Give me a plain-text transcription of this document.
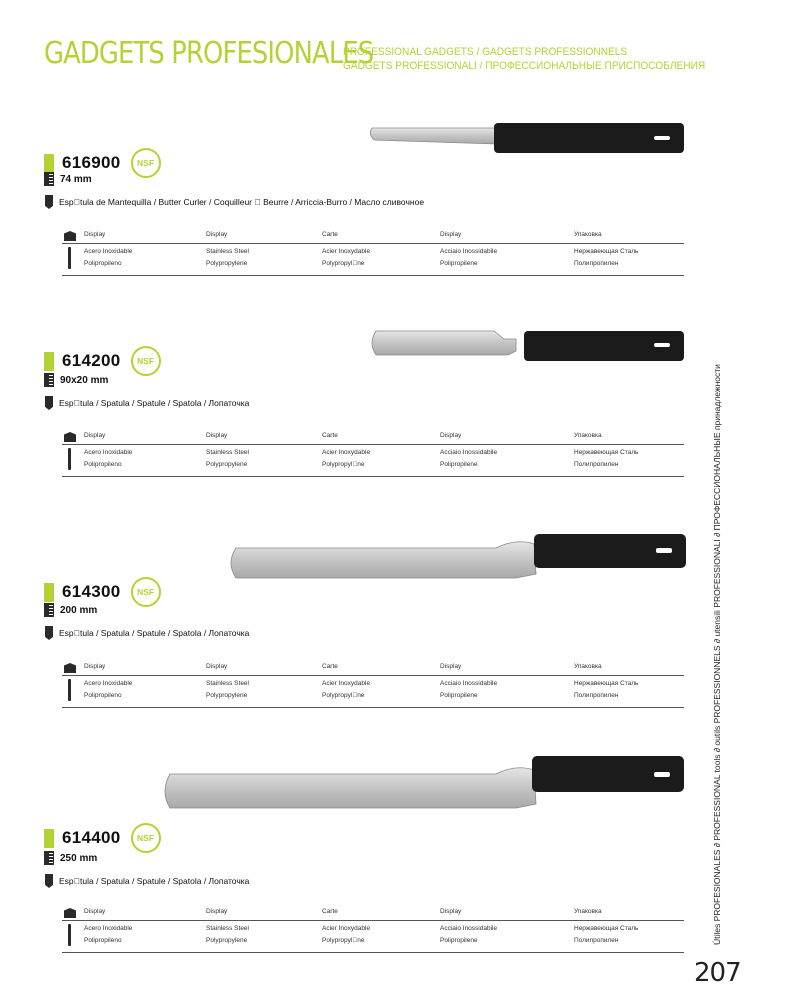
GADGETS PROFESIONALES
PROFESSIONAL GADGETS / GADGETS PROFESSIONNELS
GADGETS PROFESSIONALI / ПРОФЕССИОНАЛЬНЫЕ ПРИСПОСОБЛЕНИЯ
616900	NSF
74 mm
Esp tula de Mantequilla / Butter Curler / Coquilleur   Beurre / Arriccia-Burro / Масло сливочное
Display	Display	Carte	Display	Упаковка
Acero Inoxidable	Stainless Steel	Acier Inoxydable	Acciaio Inossidabile	Нержавеющая Сталь
Polipropileno	Polypropylene	Polypropyl ne	Polipropilene	Полипропилен
614200	NSF
90x20 mm
Esp tula / Spatula / Spatule / Spatola / Лопаточка
Display	Display	Carte	Display	Упаковка
Acero Inoxidable	Stainless Steel	Acier Inoxydable	Acciaio Inossidabile	Нержавеющая Сталь
Polipropileno	Polypropylene	Polypropyl ne	Polipropilene	Полипропилен
614300	NSF
200 mm
Esp tula / Spatula / Spatule / Spatola / Лопаточка
Display	Display	Carte	Display	Упаковка
Acero Inoxidable	Stainless Steel	Acier Inoxydable	Acciaio Inossidabile	Нержавеющая Сталь
Polipropileno	Polypropylene	Polypropyl ne	Polipropilene	Полипропилен
614400	NSF
250 mm
Esp tula / Spatula / Spatule / Spatola / Лопаточка
Display	Display	Carte	Display	Упаковка
Acero Inoxidable	Stainless Steel	Acier Inoxydable	Acciaio Inossidabile	Нержавеющая Сталь
Polipropileno	Polypropylene	Polypropyl ne	Polipropilene	Полипропилен	Útiles PROFESIONALES ∂ PROFESSIONAL tools ∂ outils PROFESSIONNELS ∂ utensili PROFESSIONALI ∂ ПРОФЕССИОНАЛЬНЫЕ принадлежности
207
